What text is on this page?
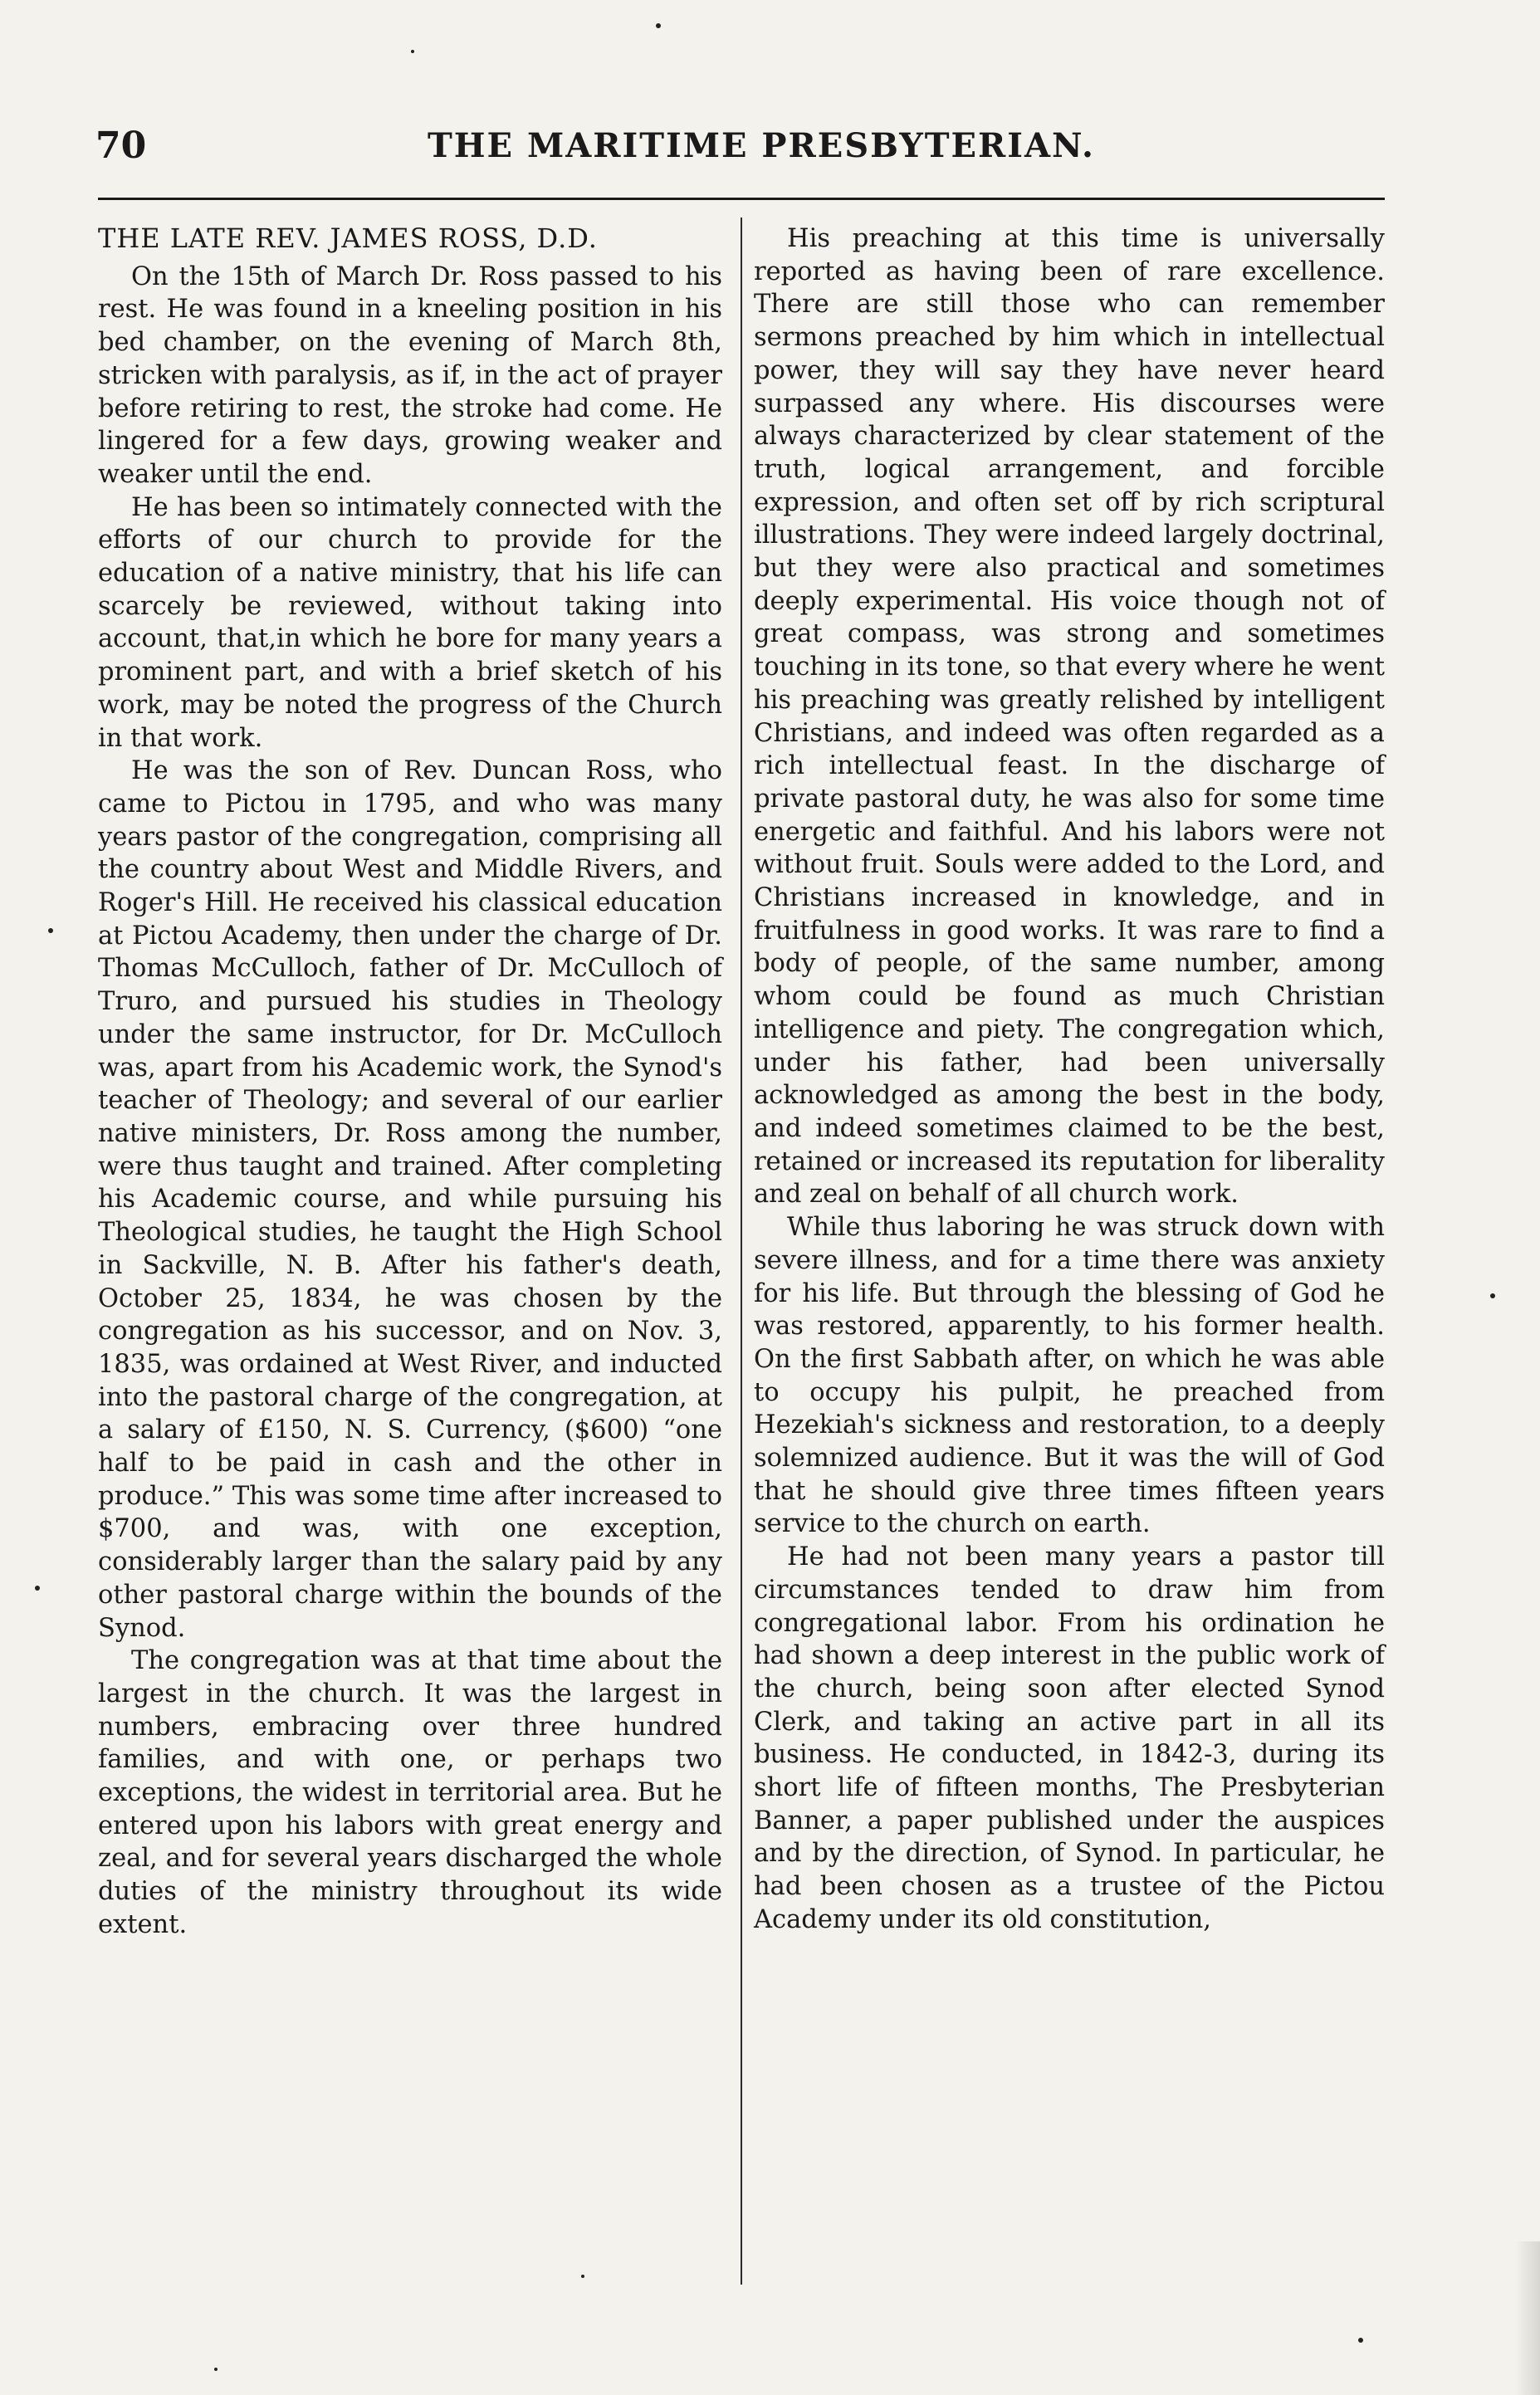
70	THE MARITIME PRESBYTERIAN.
THE LATE REV. JAMES ROSS, D.D.

On the 15th of March Dr. Ross passed to his rest. He was found in a kneeling position in his bed chamber, on the evening of March 8th, stricken with paralysis, as if, in the act of prayer before retiring to rest, the stroke had come. He lingered for a few days, growing weaker and weaker until the end.

He has been so intimately connected with the efforts of our church to provide for the education of a native ministry, that his life can scarcely be reviewed, without taking into account, that,in which he bore for many years a prominent part, and with a brief sketch of his work, may be noted the progress of the Church in that work.

He was the son of Rev. Duncan Ross, who came to Pictou in 1795, and who was many years pastor of the congregation, comprising all the country about West and Middle Rivers, and Roger's Hill. He received his classical education at Pictou Academy, then under the charge of Dr. Thomas McCulloch, father of Dr. McCulloch of Truro, and pursued his studies in Theology under the same instructor, for Dr. McCulloch was, apart from his Academic work, the Synod's teacher of Theology; and several of our earlier native ministers, Dr. Ross among the number, were thus taught and trained. After completing his Academic course, and while pursuing his Theological studies, he taught the High School in Sackville, N. B. After his father's death, October 25, 1834, he was chosen by the congregation as his successor, and on Nov. 3, 1835, was ordained at West River, and inducted into the pastoral charge of the congregation, at a salary of £150, N. S. Currency, ($600) “one half to be paid in cash and the other in produce.” This was some time after increased to $700, and was, with one exception, considerably larger than the salary paid by any other pastoral charge within the bounds of the Synod.

The congregation was at that time about the largest in the church. It was the largest in numbers, embracing over three hundred families, and with one, or perhaps two exceptions, the widest in territorial area. But he entered upon his labors with great energy and zeal, and for several years discharged the whole duties of the ministry throughout its wide extent.

His preaching at this time is universally reported as having been of rare excellence. There are still those who can remember sermons preached by him which in intellectual power, they will say they have never heard surpassed any where. His discourses were always characterized by clear statement of the truth, logical arrangement, and forcible expression, and often set off by rich scriptural illustrations. They were indeed largely doctrinal, but they were also practical and sometimes deeply experimental. His voice though not of great compass, was strong and sometimes touching in its tone, so that every where he went his preaching was greatly relished by intelligent Christians, and indeed was often regarded as a rich intellectual feast. In the discharge of private pastoral duty, he was also for some time energetic and faithful. And his labors were not without fruit. Souls were added to the Lord, and Christians increased in knowledge, and in fruitfulness in good works. It was rare to find a body of people, of the same number, among whom could be found as much Christian intelligence and piety. The congregation which, under his father, had been universally acknowledged as among the best in the body, and indeed sometimes claimed to be the best, retained or increased its reputation for liberality and zeal on behalf of all church work.

While thus laboring he was struck down with severe illness, and for a time there was anxiety for his life. But through the blessing of God he was restored, apparently, to his former health. On the first Sabbath after, on which he was able to occupy his pulpit, he preached from Hezekiah's sickness and restoration, to a deeply solemnized audience. But it was the will of God that he should give three times fifteen years service to the church on earth.

He had not been many years a pastor till circumstances tended to draw him from congregational labor. From his ordination he had shown a deep interest in the public work of the church, being soon after elected Synod Clerk, and taking an active part in all its business. He conducted, in 1842-3, during its short life of fifteen months, The Presbyterian Banner, a paper published under the auspices and by the direction, of Synod. In particular, he had been chosen as a trustee of the Pictou Academy under its old constitution,
